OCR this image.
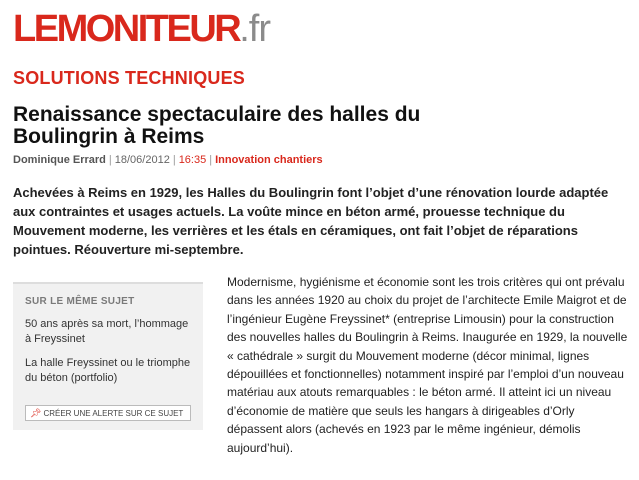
LEMONITEUR.fr
SOLUTIONS TECHNIQUES
Renaissance spectaculaire des halles du Boulingrin à Reims
Dominique Errard | 18/06/2012 | 16:35 | Innovation chantiers

Achevées à Reims en 1929, les Halles du Boulingrin font l’objet d’une rénovation lourde adaptée aux contraintes et usages actuels. La voûte mince en béton armé, prouesse technique du Mouvement moderne, les verrières et les étals en céramiques, ont fait l’objet de réparations pointues. Réouverture mi-septembre.

SUR LE MÊME SUJET
50 ans après sa mort, l’hommage à Freyssinet
La halle Freyssinet ou le triomphe du béton (portfolio)
📌︎ CRÉER UNE ALERTE SUR CE SUJET

Modernisme, hygiénisme et économie sont les trois critères qui ont prévalu dans les années 1920 au choix du projet de l’architecte Emile Maigrot et de l’ingénieur Eugène Freyssinet* (entreprise Limousin) pour la construction des nouvelles halles du Boulingrin à Reims. Inaugurée en 1929, la nouvelle « cathédrale » surgit du Mouvement moderne (décor minimal, lignes dépouillées et fonctionnelles) notamment inspiré par l’emploi d’un nouveau matériau aux atouts remarquables : le béton armé. Il atteint ici un niveau d’économie de matière que seuls les hangars à dirigeables d’Orly dépassent alors (achevés en 1923 par le même ingénieur, démolis aujourd’hui).
